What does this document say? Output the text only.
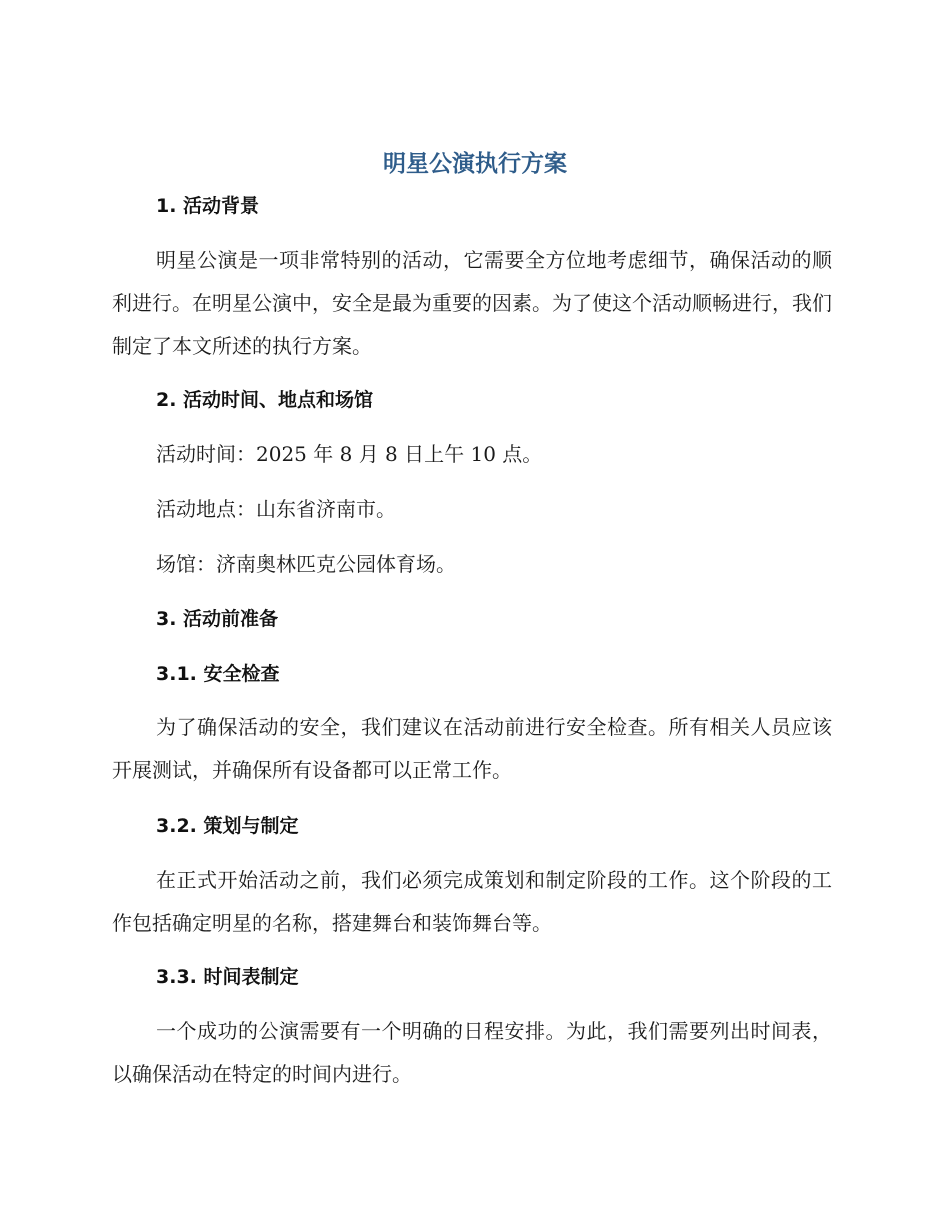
明星公演执行方案
1. 活动背景
明星公演是一项非常特别的活动，它需要全方位地考虑细节，确保活动的顺利进行。在明星公演中，安全是最为重要的因素。为了使这个活动顺畅进行，我们制定了本文所述的执行方案。
2. 活动时间、地点和场馆
活动时间：2025 年 8 月 8 日上午 10 点。
活动地点：山东省济南市。
场馆：济南奥林匹克公园体育场。
3. 活动前准备
3.1. 安全检查
为了确保活动的安全，我们建议在活动前进行安全检查。所有相关人员应该开展测试，并确保所有设备都可以正常工作。
3.2. 策划与制定
在正式开始活动之前，我们必须完成策划和制定阶段的工作。这个阶段的工作包括确定明星的名称，搭建舞台和装饰舞台等。
3.3. 时间表制定
一个成功的公演需要有一个明确的日程安排。为此，我们需要列出时间表，以确保活动在特定的时间内进行。
